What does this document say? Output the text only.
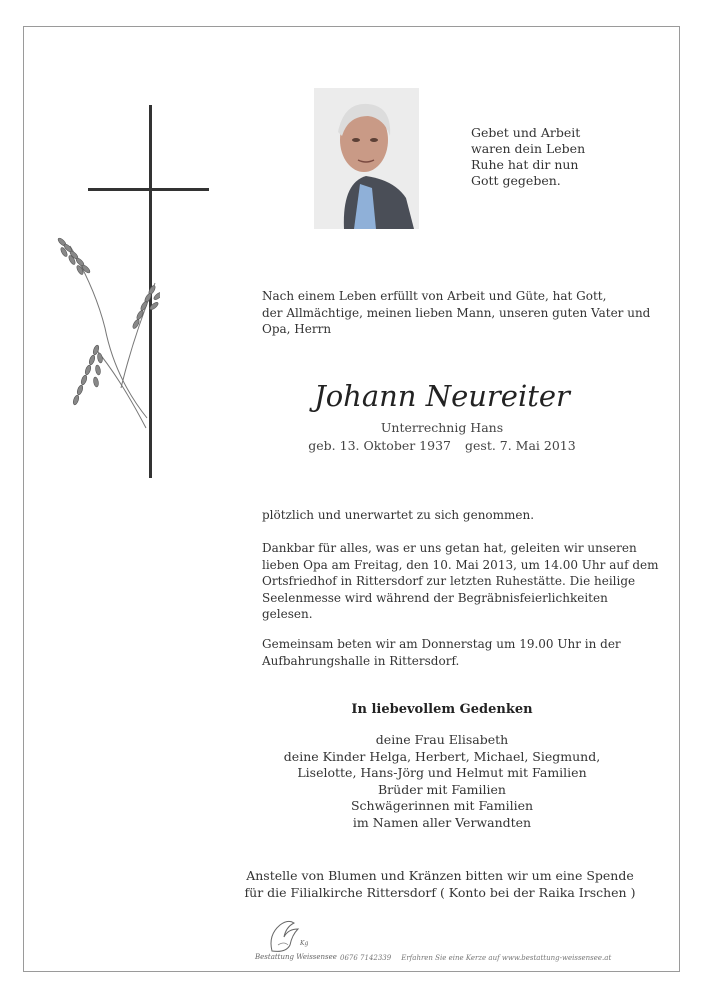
Gebet und Arbeit
waren dein Leben
Ruhe hat dir nun
Gott gegeben.
Nach einem Leben erfüllt von Arbeit und Güte, hat Gott,
der Allmächtige, meinen lieben Mann, unseren guten Vater und
Opa, Herrn
Johann Neureiter
Unterrechnig Hans
geb. 13. Oktober 1937 gest. 7. Mai 2013
plötzlich und unerwartet zu sich genommen.
Dankbar für alles, was er uns getan hat, geleiten wir unseren
lieben Opa am Freitag, den 10. Mai 2013, um 14.00 Uhr auf dem
Ortsfriedhof in Rittersdorf zur letzten Ruhestätte. Die heilige
Seelenmesse wird während der Begräbnisfeierlichkeiten
gelesen.
Gemeinsam beten wir am Donnerstag um 19.00 Uhr in der
Aufbahrungshalle in Rittersdorf.
In liebevollem Gedenken
deine Frau Elisabeth
deine Kinder Helga, Herbert, Michael, Siegmund,
Liselotte, Hans-Jörg und Helmut mit Familien
Brüder mit Familien
Schwägerinnen mit Familien
im Namen aller Verwandten
Anstelle von Blumen und Kränzen bitten wir um eine Spende
für die Filialkirche Rittersdorf ( Konto bei der Raika Irschen )
Kg
Bestattung Weissensee 0676 7142339 Erfahren Sie eine Kerze auf www.bestattung-weissensee.at
